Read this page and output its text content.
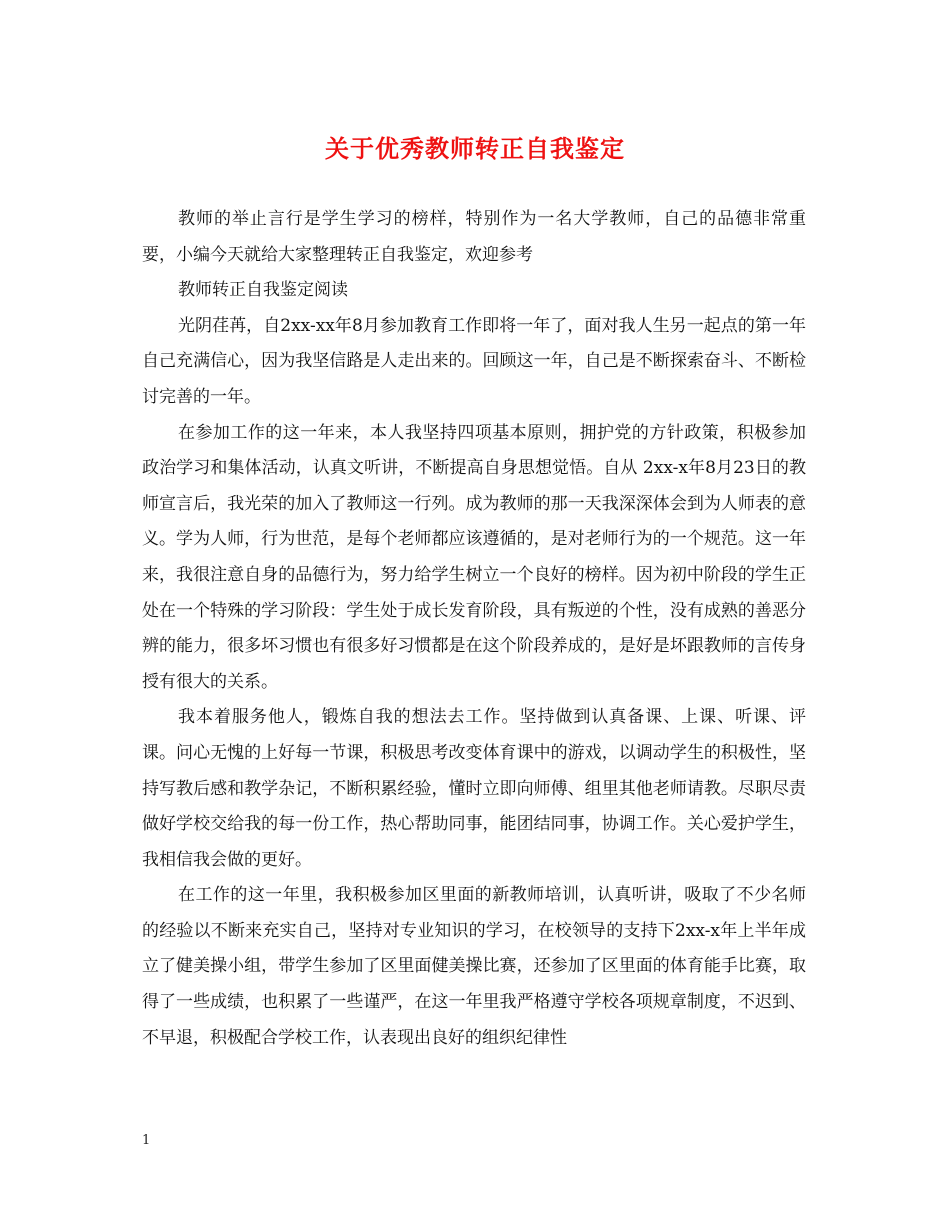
关于优秀教师转正自我鉴定

教师的举止言行是学生学习的榜样，特别作为一名大学教师，自己的品德非常重要，小编今天就给大家整理转正自我鉴定，欢迎参考

教师转正自我鉴定阅读

光阴荏苒，自2xx-xx年8月参加教育工作即将一年了，面对我人生另一起点的第一年自己充满信心，因为我坚信路是人走出来的。回顾这一年，自己是不断探索奋斗、不断检讨完善的一年。

在参加工作的这一年来，本人我坚持四项基本原则，拥护党的方针政策，积极参加政治学习和集体活动，认真文听讲，不断提高自身思想觉悟。自从 2xx-x年8月23日的教师宣言后，我光荣的加入了教师这一行列。成为教师的那一天我深深体会到为人师表的意义。学为人师，行为世范，是每个老师都应该遵循的，是对老师行为的一个规范。这一年来，我很注意自身的品德行为，努力给学生树立一个良好的榜样。因为初中阶段的学生正处在一个特殊的学习阶段：学生处于成长发育阶段，具有叛逆的个性，没有成熟的善恶分辨的能力，很多坏习惯也有很多好习惯都是在这个阶段养成的，是好是坏跟教师的言传身授有很大的关系。

我本着服务他人，锻炼自我的想法去工作。坚持做到认真备课、上课、听课、评课。问心无愧的上好每一节课，积极思考改变体育课中的游戏，以调动学生的积极性，坚持写教后感和教学杂记，不断积累经验，懂时立即向师傅、组里其他老师请教。尽职尽责做好学校交给我的每一份工作，热心帮助同事，能团结同事，协调工作。关心爱护学生，我相信我会做的更好。

在工作的这一年里，我积极参加区里面的新教师培训，认真听讲，吸取了不少名师的经验以不断来充实自己，坚持对专业知识的学习，在校领导的支持下2xx-x年上半年成立了健美操小组，带学生参加了区里面健美操比赛，还参加了区里面的体育能手比赛，取得了一些成绩，也积累了一些谨严，在这一年里我严格遵守学校各项规章制度，不迟到、不早退，积极配合学校工作，认表现出良好的组织纪律性

1
